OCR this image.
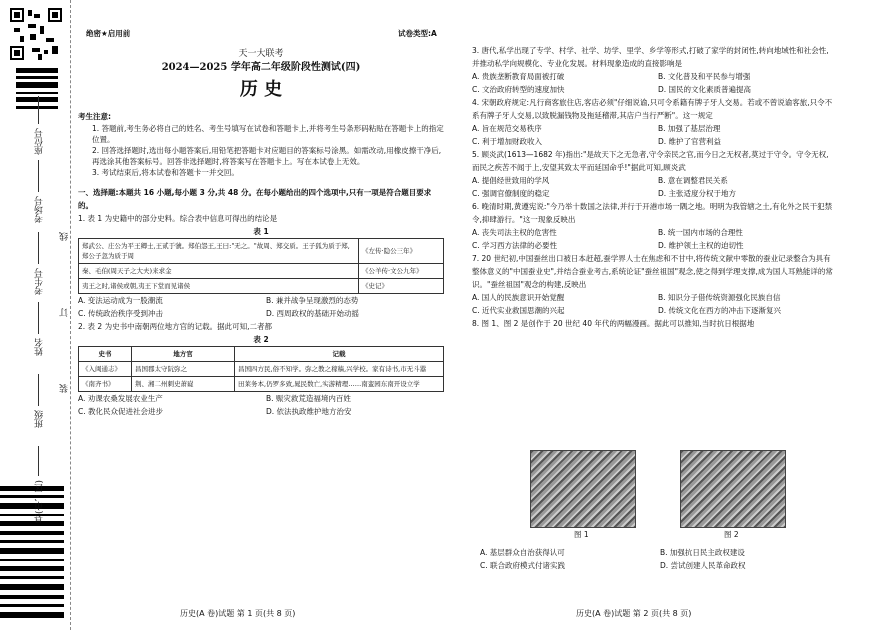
座位号
考场号
考生号
姓名
班级
县(市、区)
线
订
装
绝密★启用前	试卷类型:A
天一大联考
2024—2025 学年高二年级阶段性测试(四)
历 史
考生注意:
1. 答题前,考生务必将自己的姓名、考生号填写在试卷和答题卡上,并将考生号条形码粘贴在答题卡上的指定位置。
2. 回答选择题时,选出每小题答案后,用铅笔把答题卡对应题目的答案标号涂黑。如需改动,用橡皮擦干净后,再选涂其他答案标号。回答非选择题时,将答案写在答题卡上。写在本试卷上无效。
3. 考试结束后,将本试卷和答题卡一并交回。
一、选择题:本题共 16 小题,每小题 3 分,共 48 分。在每小题给出的四个选项中,只有一项是符合题目要求的。

1. 表 1 为史籍中的部分史料。综合表中信息可得出的结论是

表 1
郑武公、庄公为平王卿士,王贰于虢。郑伯怨王,王曰:"无之。"故周、郑交质。王子狐为质于郑,郑公子忽为质于周	《左传·隐公三年》
秦、毛伯(周天子之大夫)来求金	《公羊传·文公九年》
夷王之时,诸侯或朝,夷王下堂而见诸侯	《史记》

A. 变法运动成为一股潮流	B. 兼并战争呈现激烈的态势

C. 传统政治秩序受到冲击	D. 西周政权的基础开始动摇

2. 表 2 为史书中南朝两位地方官的记载。据此可知,二者都

表 2
史书	地方官	记载
《入闽通志》	昌国郡太守阮弥之	昌国四方民,俗不知学。弥之教之稼穑,兴学校。家有诗书,市无斗嚣
《南齐书》	荆、湘二州刺史萧嶷	田莱务本,仍罗多致,晁民数亡,实游精理……南蛮园东南开设立学

A. 劝课农桑发展农业生产	B. 赈灾救荒造福境内百姓

C. 教化民众促进社会进步	D. 依法执政维护地方治安

3. 唐代,私学出现了专学、村学、社学、坊学、里学、乡学等形式,打破了家学的封闭性,转向地域性和社会性,并推动私学向规模化、专业化发展。材料现象造成的直接影响是

A. 贵族垄断教育局面被打破	B. 文化普及和平民参与增强

C. 文治政府转型的速度加快	D. 国民的文化素质普遍提高

4. 宋朝政府规定:凡行商客旅住店,客店必须"仔细说谕,只可令系籍有牌子牙人交易。若或不曾说谕客旅,只令不系有牌子牙人交易,以致脱漏钱物及拖延稽滞,其店户当行严断"。这一规定

A. 旨在规范交易秩序	B. 加强了基层治理

C. 利于增加财政收入	D. 维护了官营利益

5. 顾炎武(1613—1682 年)指出:"是故天下之无急者,守令亲民之官,而今日之无权者,莫过于守令。守令无权,而民之疾苦不闻于上,安望其致太平而延国命乎!"据此可知,顾炎武

A. 提倡经世致用的学风	B. 意在调整君民关系

C. 强调官僚制度的稳定	D. 主张适度分权于地方

6. 晚清时期,黄遵宪说:"今乃举十数国之法律,并行于开港市场一隅之地。明明为我管辖之土,有化外之民干犯禁令,抑肆游行。"这一现象反映出

A. 丧失司法主权的危害性	B. 统一国内市场的合理性

C. 学习西方法律的必要性	D. 维护领土主权的迫切性

7. 20 世纪初,中国蚕丝出口被日本赶超,蚕学界人士在焦虑和不甘中,将传统文献中零散的蚕业记录整合为具有整体意义的"中国蚕业史",并结合蚕业考古,系统论证"蚕丝祖国"观念,使之得到学理支撑,成为国人耳熟能详的常识。"蚕丝祖国"观念的构建,反映出

A. 国人的民族意识开始觉醒	B. 知识分子借传统资源强化民族自信

C. 近代实业救国思潮的兴起	D. 传统文化在西方的冲击下逐渐复兴

8. 图 1、图 2 是创作于 20 世纪 40 年代的两幅漫画。据此可以推知,当时抗日根据地

图 1	图 2

A. 基层群众自治获得认可	B. 加强抗日民主政权建设

C. 联合政府模式付诸实践	D. 尝试创建人民革命政权

历史(A 卷)试题 第 1 页(共 8 页)	历史(A 卷)试题 第 2 页(共 8 页)
